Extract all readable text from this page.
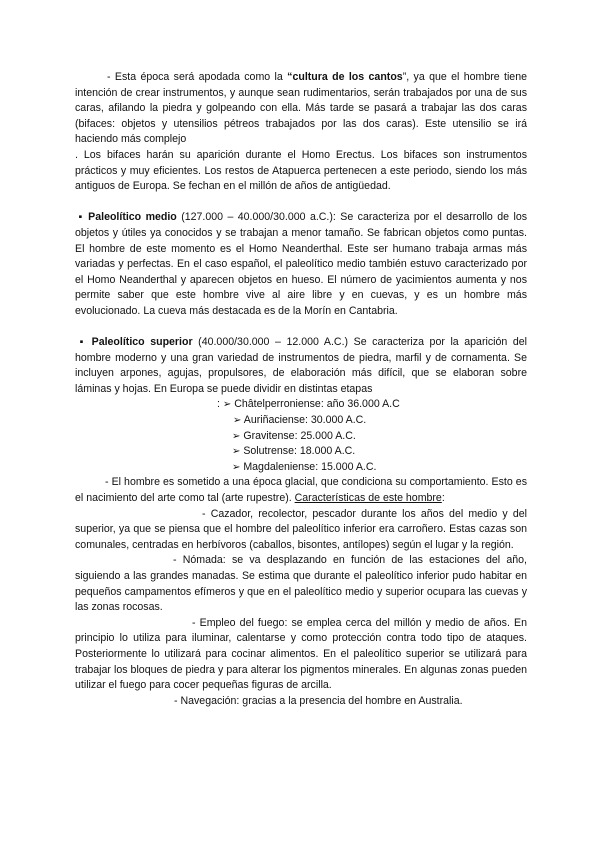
- Esta época será apodada como la “cultura de los cantos”, ya que el hombre tiene intención de crear instrumentos, y aunque sean rudimentarios, serán trabajados por una de sus caras, afilando la piedra y golpeando con ella. Más tarde se pasará a trabajar las dos caras (bifaces: objetos y utensilios pétreos trabajados por las dos caras). Este utensilio se irá haciendo más complejo

. Los bifaces harán su aparición durante el Homo Erectus. Los bifaces son instrumentos prácticos y muy eficientes. Los restos de Atapuerca pertenecen a este periodo, siendo los más antiguos de Europa. Se fechan en el millón de años de antigüedad.

▪ Paleolítico medio (127.000 – 40.000/30.000 a.C.): Se caracteriza por el desarrollo de los objetos y útiles ya conocidos y se trabajan a menor tamaño. Se fabrican objetos como puntas. El hombre de este momento es el Homo Neanderthal. Este ser humano trabaja armas más variadas y perfectas. En el caso español, el paleolítico medio también estuvo caracterizado por el Homo Neanderthal y aparecen objetos en hueso. El número de yacimientos aumenta y nos permite saber que este hombre vive al aire libre y en cuevas, y es un hombre más evolucionado. La cueva más destacada es de la Morín en Cantabria.

▪ Paleolítico superior (40.000/30.000 – 12.000 A.C.) Se caracteriza por la aparición del hombre moderno y una gran variedad de instrumentos de piedra, marfil y de cornamenta. Se incluyen arpones, agujas, propulsores, de elaboración más difícil, que se elaboran sobre láminas y hojas. En Europa se puede dividir en distintas etapas

: ➢ Châtelperroniense: año 36.000 A.C
➢ Auriñaciense: 30.000 A.C.
➢ Gravitense: 25.000 A.C.
➢ Solutrense: 18.000 A.C.
➢ Magdaleniense: 15.000 A.C.

- El hombre es sometido a una época glacial, que condiciona su comportamiento. Esto es el nacimiento del arte como tal (arte rupestre). Características de este hombre:

- Cazador, recolector, pescador durante los años del medio y del superior, ya que se piensa que el hombre del paleolítico inferior era carroñero. Estas cazas son comunales, centradas en herbívoros (caballos, bisontes, antílopes) según el lugar y la región.

- Nómada: se va desplazando en función de las estaciones del año, siguiendo a las grandes manadas. Se estima que durante el paleolítico inferior pudo habitar en pequeños campamentos efímeros y que en el paleolítico medio y superior ocupara las cuevas y las zonas rocosas.

- Empleo del fuego: se emplea cerca del millón y medio de años. En principio lo utiliza para iluminar, calentarse y como protección contra todo tipo de ataques. Posteriormente lo utilizará para cocinar alimentos. En el paleolítico superior se utilizará para trabajar los bloques de piedra y para alterar los pigmentos minerales. En algunas zonas pueden utilizar el fuego para cocer pequeñas figuras de arcilla.

- Navegación: gracias a la presencia del hombre en Australia.
